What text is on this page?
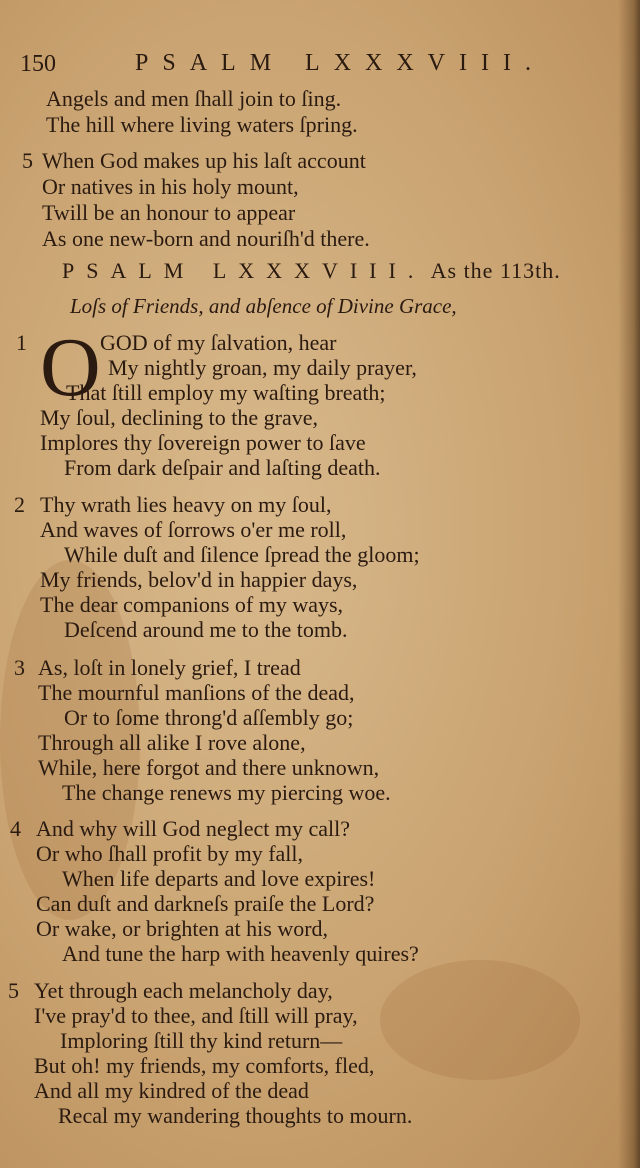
150	PSALM LXXXVIII.
Angels and men ſhall join to ſing.
The hill where living waters ſpring.
5 When God makes up his laſt account
Or natives in his holy mount,
Twill be an honour to appear
As one new-born and nouriſh'd there.
PSALM LXXXVIII. As the 113th.
Loſs of Friends, and abſence of Divine Grace,
1 O GOD of my ſalvation, hear
My nightly groan, my daily prayer,
That ſtill employ my waſting breath;
My ſoul, declining to the grave,
Implores thy ſovereign power to ſave
From dark deſpair and laſting death.
2 Thy wrath lies heavy on my ſoul,
And waves of ſorrows o'er me roll,
While duſt and ſilence ſpread the gloom;
My friends, belov'd in happier days,
The dear companions of my ways,
Deſcend around me to the tomb.
3 As, loſt in lonely grief, I tread
The mournful manſions of the dead,
Or to ſome throng'd aſſembly go;
Through all alike I rove alone,
While, here forgot and there unknown,
The change renews my piercing woe.
4 And why will God neglect my call?
Or who ſhall profit by my fall,
When life departs and love expires!
Can duſt and darkneſs praiſe the Lord?
Or wake, or brighten at his word,
And tune the harp with heavenly quires?
5 Yet through each melancholy day,
I've pray'd to thee, and ſtill will pray,
Imploring ſtill thy kind return—
But oh! my friends, my comforts, fled,
And all my kindred of the dead
Recal my wandering thoughts to mourn.
